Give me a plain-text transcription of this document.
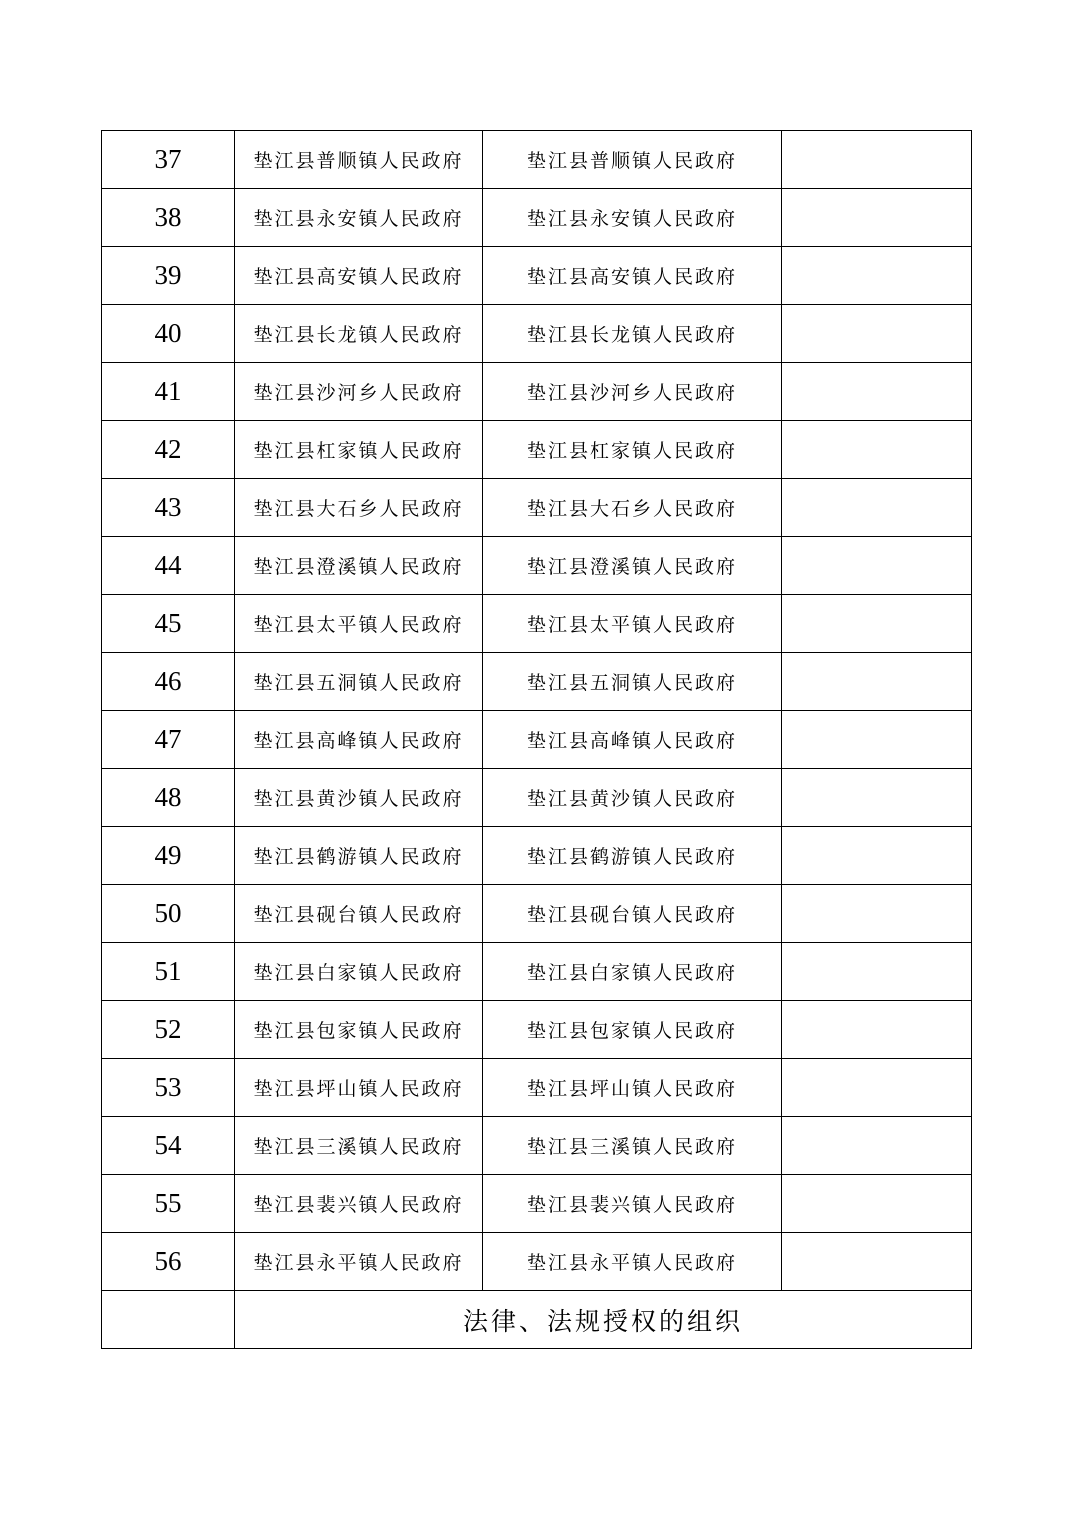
37	垫江县普顺镇人民政府	垫江县普顺镇人民政府	
38	垫江县永安镇人民政府	垫江县永安镇人民政府	
39	垫江县高安镇人民政府	垫江县高安镇人民政府	
40	垫江县长龙镇人民政府	垫江县长龙镇人民政府	
41	垫江县沙河乡人民政府	垫江县沙河乡人民政府	
42	垫江县杠家镇人民政府	垫江县杠家镇人民政府	
43	垫江县大石乡人民政府	垫江县大石乡人民政府	
44	垫江县澄溪镇人民政府	垫江县澄溪镇人民政府	
45	垫江县太平镇人民政府	垫江县太平镇人民政府	
46	垫江县五洞镇人民政府	垫江县五洞镇人民政府	
47	垫江县高峰镇人民政府	垫江县高峰镇人民政府	
48	垫江县黄沙镇人民政府	垫江县黄沙镇人民政府	
49	垫江县鹤游镇人民政府	垫江县鹤游镇人民政府	
50	垫江县砚台镇人民政府	垫江县砚台镇人民政府	
51	垫江县白家镇人民政府	垫江县白家镇人民政府	
52	垫江县包家镇人民政府	垫江县包家镇人民政府	
53	垫江县坪山镇人民政府	垫江县坪山镇人民政府	
54	垫江县三溪镇人民政府	垫江县三溪镇人民政府	
55	垫江县裴兴镇人民政府	垫江县裴兴镇人民政府	
56	垫江县永平镇人民政府	垫江县永平镇人民政府	
	法律、法规授权的组织		
